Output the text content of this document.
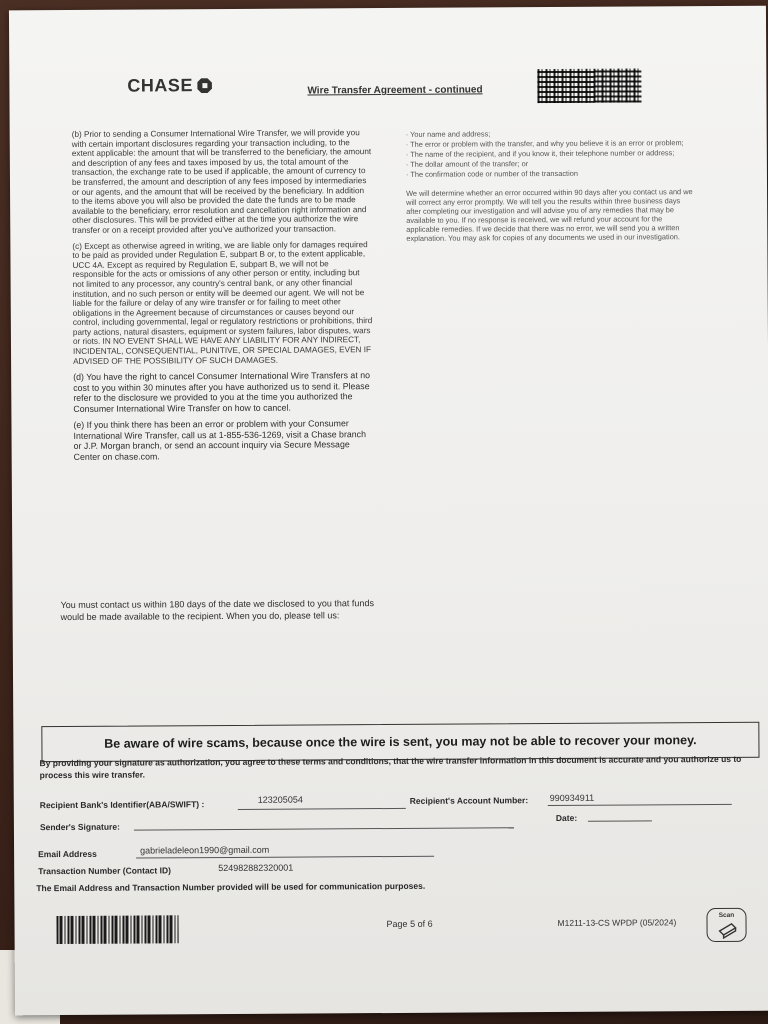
CHASE	Wire Transfer Agreement - continued

(b) Prior to sending a Consumer International Wire Transfer, we will provide you with certain important disclosures regarding your transaction including, to the extent applicable: the amount that will be transferred to the beneficiary, the amount and description of any fees and taxes imposed by us, the total amount of the transaction, the exchange rate to be used if applicable, the amount of currency to be transferred, the amount and description of any fees imposed by intermediaries or our agents, and the amount that will be received by the beneficiary. In addition to the items above you will also be provided the date the funds are to be made available to the beneficiary, error resolution and cancellation right information and other disclosures. This will be provided either at the time you authorize the wire transfer or on a receipt provided after you've authorized your transaction.

(c) Except as otherwise agreed in writing, we are liable only for damages required to be paid as provided under Regulation E, subpart B or, to the extent applicable, UCC 4A. Except as required by Regulation E, subpart B, we will not be responsible for the acts or omissions of any other person or entity, including but not limited to any processor, any country's central bank, or any other financial institution, and no such person or entity will be deemed our agent. We will not be liable for the failure or delay of any wire transfer or for failing to meet other obligations in the Agreement because of circumstances or causes beyond our control, including governmental, legal or regulatory restrictions or prohibitions, third party actions, natural disasters, equipment or system failures, labor disputes, wars or riots. IN NO EVENT SHALL WE HAVE ANY LIABILITY FOR ANY INDIRECT, INCIDENTAL, CONSEQUENTIAL, PUNITIVE, OR SPECIAL DAMAGES, EVEN IF ADVISED OF THE POSSIBILITY OF SUCH DAMAGES.

(d) You have the right to cancel Consumer International Wire Transfers at no cost to you within 30 minutes after you have authorized us to send it. Please refer to the disclosure we provided to you at the time you authorized the Consumer International Wire Transfer on how to cancel.

(e) If you think there has been an error or problem with your Consumer International Wire Transfer, call us at 1-855-536-1269, visit a Chase branch or J.P. Morgan branch, or send an account inquiry via Secure Message Center on chase.com.

· Your name and address;

· The error or problem with the transfer, and why you believe it is an error or problem;

· The name of the recipient, and if you know it, their telephone number or address;

· The dollar amount of the transfer; or

· The confirmation code or number of the transaction

We will determine whether an error occurred within 90 days after you contact us and we will correct any error promptly. We will tell you the results within three business days after completing our investigation and will advise you of any remedies that may be available to you. If no response is received, we will refund your account for the applicable remedies. If we decide that there was no error, we will send you a written explanation. You may ask for copies of any documents we used in our investigation.

You must contact us within 180 days of the date we disclosed to you that funds would be made available to the recipient. When you do, please tell us:
Be aware of wire scams, because once the wire is sent, you may not be able to recover your money.
By providing your signature as authorization, you agree to these terms and conditions, that the wire transfer information in this document is accurate and you authorize us to process this wire transfer.
Recipient Bank's Identifier(ABA/SWIFT) :	123205054	Recipient's Account Number: 990934911
Sender's Signature:
Date:
Email Address	gabrieladeleon1990@gmail.com
Transaction Number (Contact ID)	524982882320001
The Email Address and Transaction Number provided will be used for communication purposes.
Page 5 of 6	M1211-13-CS WPDP (05/2024)
Scan
